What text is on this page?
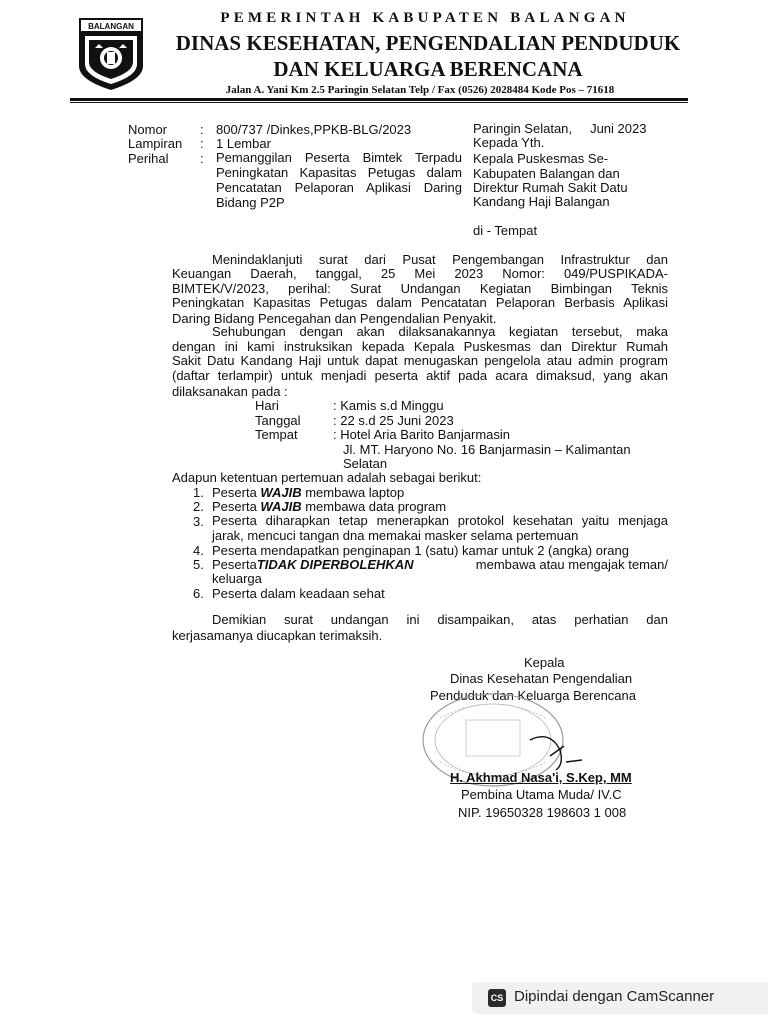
BALANGAN
PEMERINTAH KABUPATEN BALANGAN
DINAS KESEHATAN, PENGENDALIAN PENDUDUK
DAN KELUARGA BERENCANA
Jalan A. Yani Km 2.5 Paringin Selatan Telp / Fax (0526) 2028484 Kode Pos – 71618
Nomor	: 800/737 /Dinkes,PPKB-BLG/2023
Lampiran : 1 Lembar
Perihal : Pemanggilan Peserta Bimtek Terpadu
Peningkatan Kapasitas Petugas dalam
Pencatatan Pelaporan Aplikasi Daring
Bidang P2P
Paringin Selatan,     Juni 2023
Kepada Yth.
Kepala Puskesmas Se-
Kabupaten Balangan dan
Direktur Rumah Sakit Datu
Kandang Haji Balangan
di - Tempat
Menindaklanjuti surat dari Pusat Pengembangan Infrastruktur dan
Keuangan Daerah, tanggal, 25 Mei 2023 Nomor: 049/PUSPIKADA-
BIMTEK/V/2023, perihal: Surat Undangan Kegiatan Bimbingan Teknis
Peningkatan Kapasitas Petugas dalam Pencatatan Pelaporan Berbasis Aplikasi
Daring Bidang Pencegahan dan Pengendalian Penyakit.
Sehubungan dengan akan dilaksanakannya kegiatan tersebut, maka
dengan ini kami instruksikan kepada Kepala Puskesmas dan Direktur Rumah
Sakit Datu Kandang Haji untuk dapat menugaskan pengelola atau admin program
(daftar terlampir) untuk menjadi peserta aktif pada acara dimaksud, yang akan
dilaksanakan pada :
Hari	: Kamis s.d Minggu
Tanggal : 22 s.d 25 Juni 2023
Tempat	: Hotel Aria Barito Banjarmasin
Jl. MT. Haryono No. 16 Banjarmasin – Kalimantan
Selatan
Adapun ketentuan pertemuan adalah sebagai berikut:
1. Peserta WAJIB membawa laptop
2. Peserta WAJIB membawa data program
3. Peserta diharapkan tetap menerapkan protokol kesehatan yaitu menjaga
jarak, mencuci tangan dna memakai masker selama pertemuan
4. Peserta mendapatkan penginapan 1 (satu) kamar untuk 2 (angka) orang
5. Peserta TIDAK DIPERBOLEHKAN	membawa atau mengajak teman/
keluarga
6. Peserta dalam keadaan sehat
Demikian surat undangan ini disampaikan, atas perhatian dan
kerjasamanya diucapkan terimaksih.
Kepala
Dinas Kesehatan Pengendalian
Penduduk dan Keluarga Berencana
H. Akhmad Nasa'i, S.Kep, MM
Pembina Utama Muda/ IV.C
NIP. 19650328 198603 1 008
CS Dipindai dengan CamScanner
